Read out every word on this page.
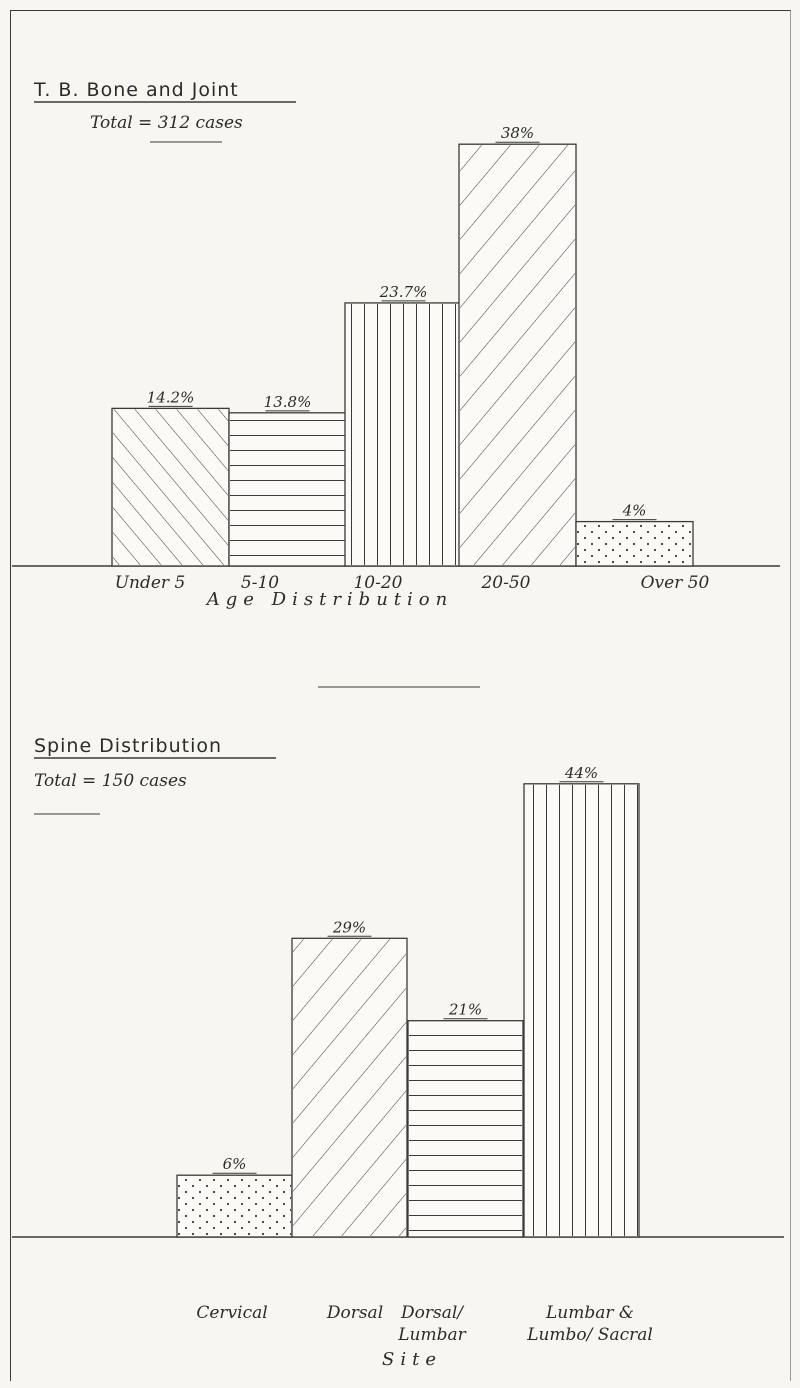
T. B. Bone and Joint
Total = 312 cases
14.2%
Under 5
13.8%
5-10
23.7%
10-20
38%
20-50
4%
Over 50
Age Distribution
Spine Distribution
Total = 150 cases
6%
Cervical
29%
Dorsal
21%
Dorsal/ Lumbar
44%
Lumbar & Lumbo/ Sacral
Site
